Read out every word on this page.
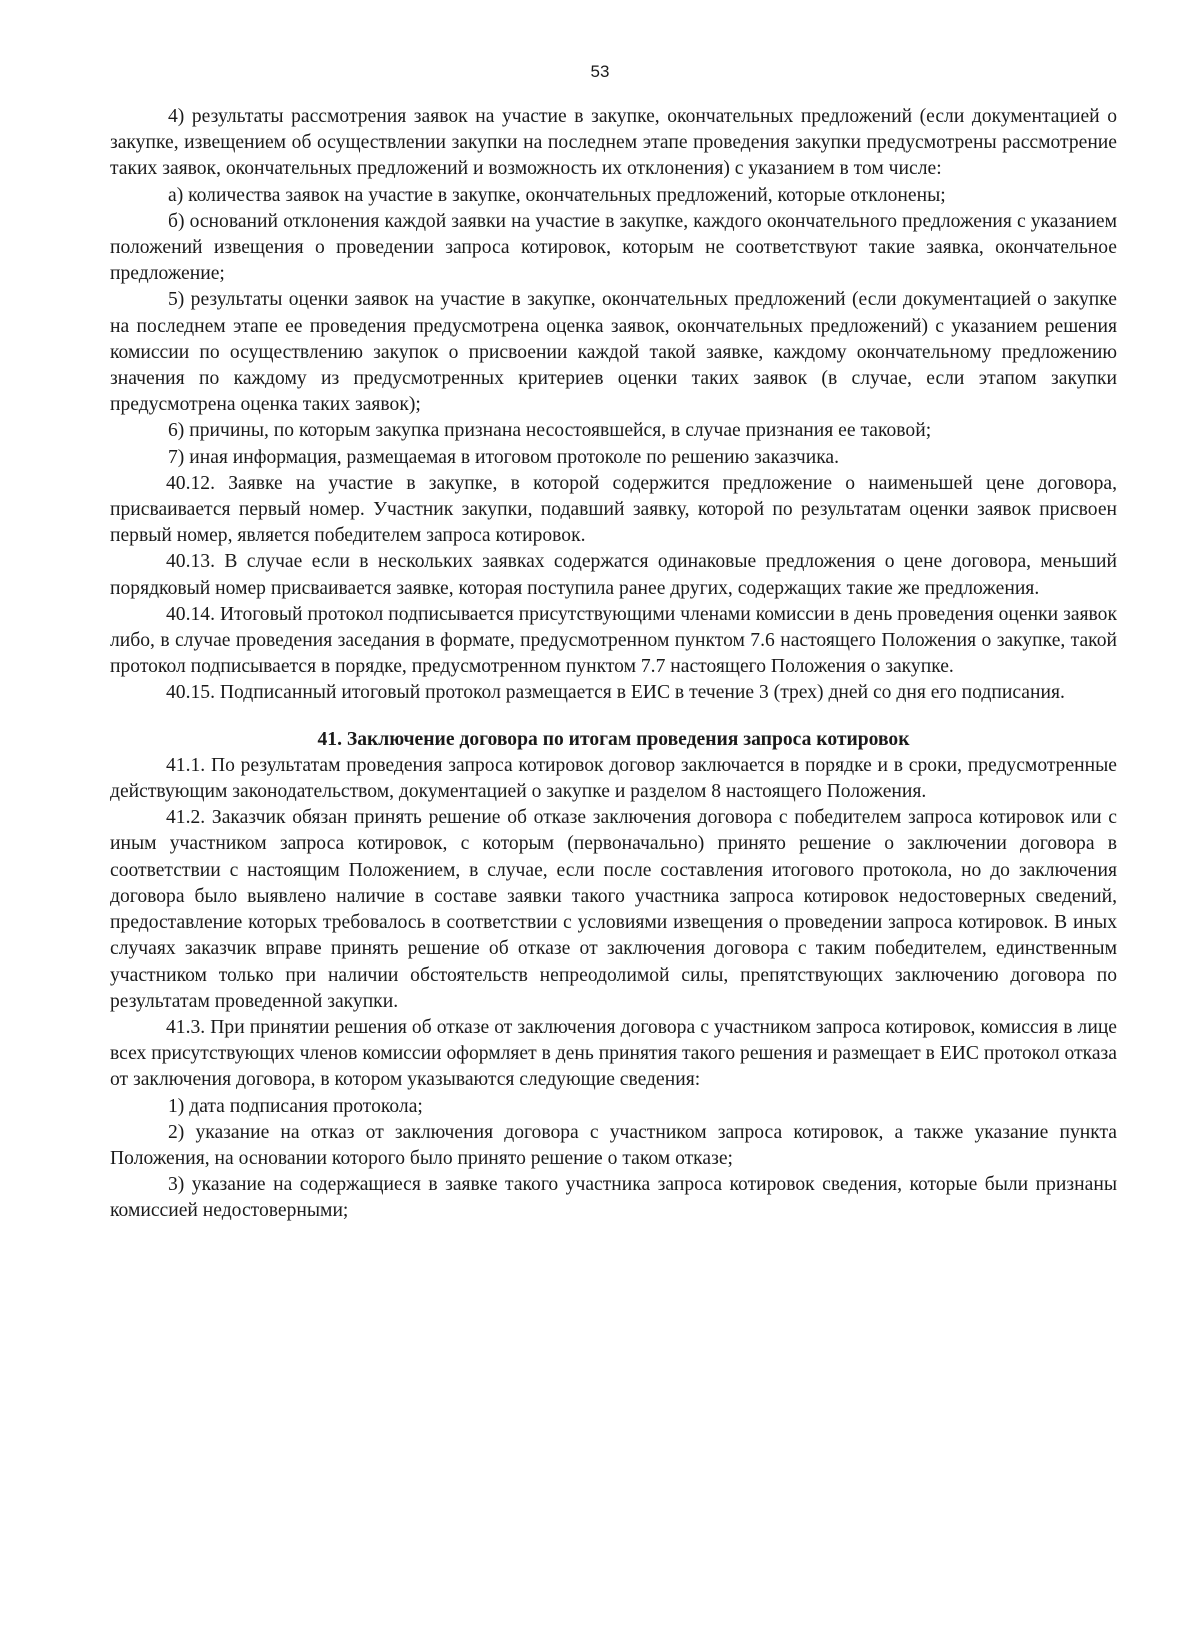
53

4) результаты рассмотрения заявок на участие в закупке, окончательных предложений (если документацией о закупке, извещением об осуществлении закупки на последнем этапе проведения закупки предусмотрены рассмотрение таких заявок, окончательных предложений и возможность их отклонения) с указанием в том числе:

а) количества заявок на участие в закупке, окончательных предложений, которые отклонены;

б) оснований отклонения каждой заявки на участие в закупке, каждого окончательного предложения с указанием положений извещения о проведении запроса котировок, которым не соответствуют такие заявка, окончательное предложение;

5) результаты оценки заявок на участие в закупке, окончательных предложений (если документацией о закупке на последнем этапе ее проведения предусмотрена оценка заявок, окончательных предложений) с указанием решения комиссии по осуществлению закупок о присвоении каждой такой заявке, каждому окончательному предложению значения по каждому из предусмотренных критериев оценки таких заявок (в случае, если этапом закупки предусмотрена оценка таких заявок);

6) причины, по которым закупка признана несостоявшейся, в случае признания ее таковой;

7) иная информация, размещаемая в итоговом протоколе по решению заказчика.

40.12. Заявке на участие в закупке, в которой содержится предложение о наименьшей цене договора, присваивается первый номер. Участник закупки, подавший заявку, которой по результатам оценки заявок присвоен первый номер, является победителем запроса котировок.

40.13. В случае если в нескольких заявках содержатся одинаковые предложения о цене договора, меньший порядковый номер присваивается заявке, которая поступила ранее других, содержащих такие же предложения.

40.14. Итоговый протокол подписывается присутствующими членами комиссии в день проведения оценки заявок либо, в случае проведения заседания в формате, предусмотренном пунктом 7.6 настоящего Положения о закупке, такой протокол подписывается в порядке, предусмотренном пунктом 7.7 настоящего Положения о закупке.

40.15. Подписанный итоговый протокол размещается в ЕИС в течение 3 (трех) дней со дня его подписания.

41. Заключение договора по итогам проведения запроса котировок

41.1. По результатам проведения запроса котировок договор заключается в порядке и в сроки, предусмотренные действующим законодательством, документацией о закупке и разделом 8 настоящего Положения.

41.2. Заказчик обязан принять решение об отказе заключения договора с победителем запроса котировок или с иным участником запроса котировок, с которым (первоначально) принято решение о заключении договора в соответствии с настоящим Положением, в случае, если после составления итогового протокола, но до заключения договора было выявлено наличие в составе заявки такого участника запроса котировок недостоверных сведений, предоставление которых требовалось в соответствии с условиями извещения о проведении запроса котировок. В иных случаях заказчик вправе принять решение об отказе от заключения договора с таким победителем, единственным участником только при наличии обстоятельств непреодолимой силы, препятствующих заключению договора по результатам проведенной закупки.

41.3. При принятии решения об отказе от заключения договора с участником запроса котировок, комиссия в лице всех присутствующих членов комиссии оформляет в день принятия такого решения и размещает в ЕИС протокол отказа от заключения договора, в котором указываются следующие сведения:

1) дата подписания протокола;

2) указание на отказ от заключения договора с участником запроса котировок, а также указание пункта Положения, на основании которого было принято решение о таком отказе;

3) указание на содержащиеся в заявке такого участника запроса котировок сведения, которые были признаны комиссией недостоверными;
